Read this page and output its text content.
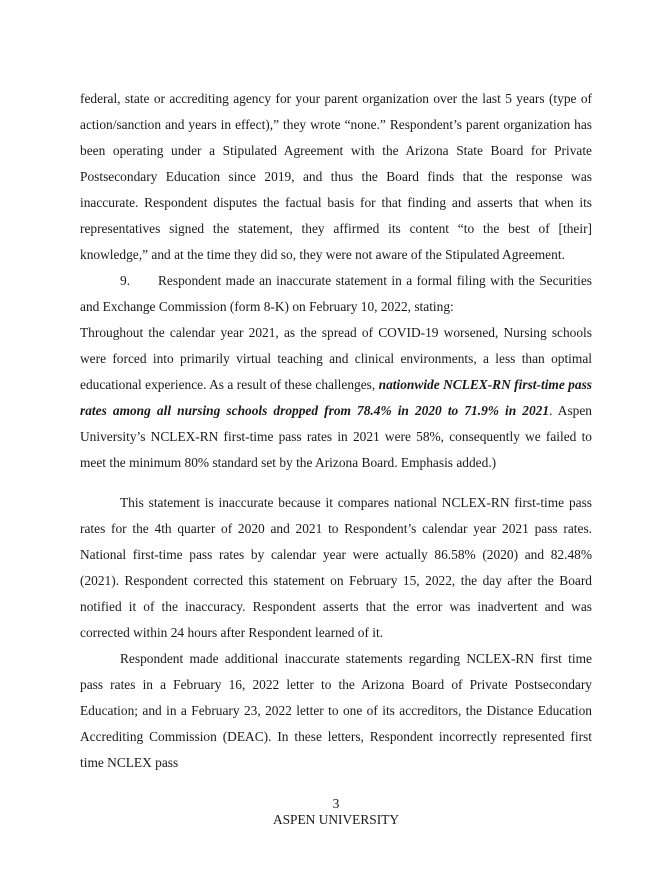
federal, state or accrediting agency for your parent organization over the last 5 years (type of action/sanction and years in effect),” they wrote “none.” Respondent’s parent organization has been operating under a Stipulated Agreement with the Arizona State Board for Private Postsecondary Education since 2019, and thus the Board finds that the response was inaccurate. Respondent disputes the factual basis for that finding and asserts that when its representatives signed the statement, they affirmed its content “to the best of [their] knowledge,” and at the time they did so, they were not aware of the Stipulated Agreement.

9. Respondent made an inaccurate statement in a formal filing with the Securities and Exchange Commission (form 8-K) on February 10, 2022, stating:

Throughout the calendar year 2021, as the spread of COVID-19 worsened, Nursing schools were forced into primarily virtual teaching and clinical environments, a less than optimal educational experience. As a result of these challenges, nationwide NCLEX-RN first-time pass rates among all nursing schools dropped from 78.4% in 2020 to 71.9% in 2021. Aspen University’s NCLEX-RN first-time pass rates in 2021 were 58%, consequently we failed to meet the minimum 80% standard set by the Arizona Board. Emphasis added.)

This statement is inaccurate because it compares national NCLEX-RN first-time pass rates for the 4th quarter of 2020 and 2021 to Respondent’s calendar year 2021 pass rates. National first-time pass rates by calendar year were actually 86.58% (2020) and 82.48% (2021). Respondent corrected this statement on February 15, 2022, the day after the Board notified it of the inaccuracy. Respondent asserts that the error was inadvertent and was corrected within 24 hours after Respondent learned of it.

Respondent made additional inaccurate statements regarding NCLEX-RN first time pass rates in a February 16, 2022 letter to the Arizona Board of Private Postsecondary Education; and in a February 23, 2022 letter to one of its accreditors, the Distance Education Accrediting Commission (DEAC). In these letters, Respondent incorrectly represented first time NCLEX pass

3
ASPEN UNIVERSITY
